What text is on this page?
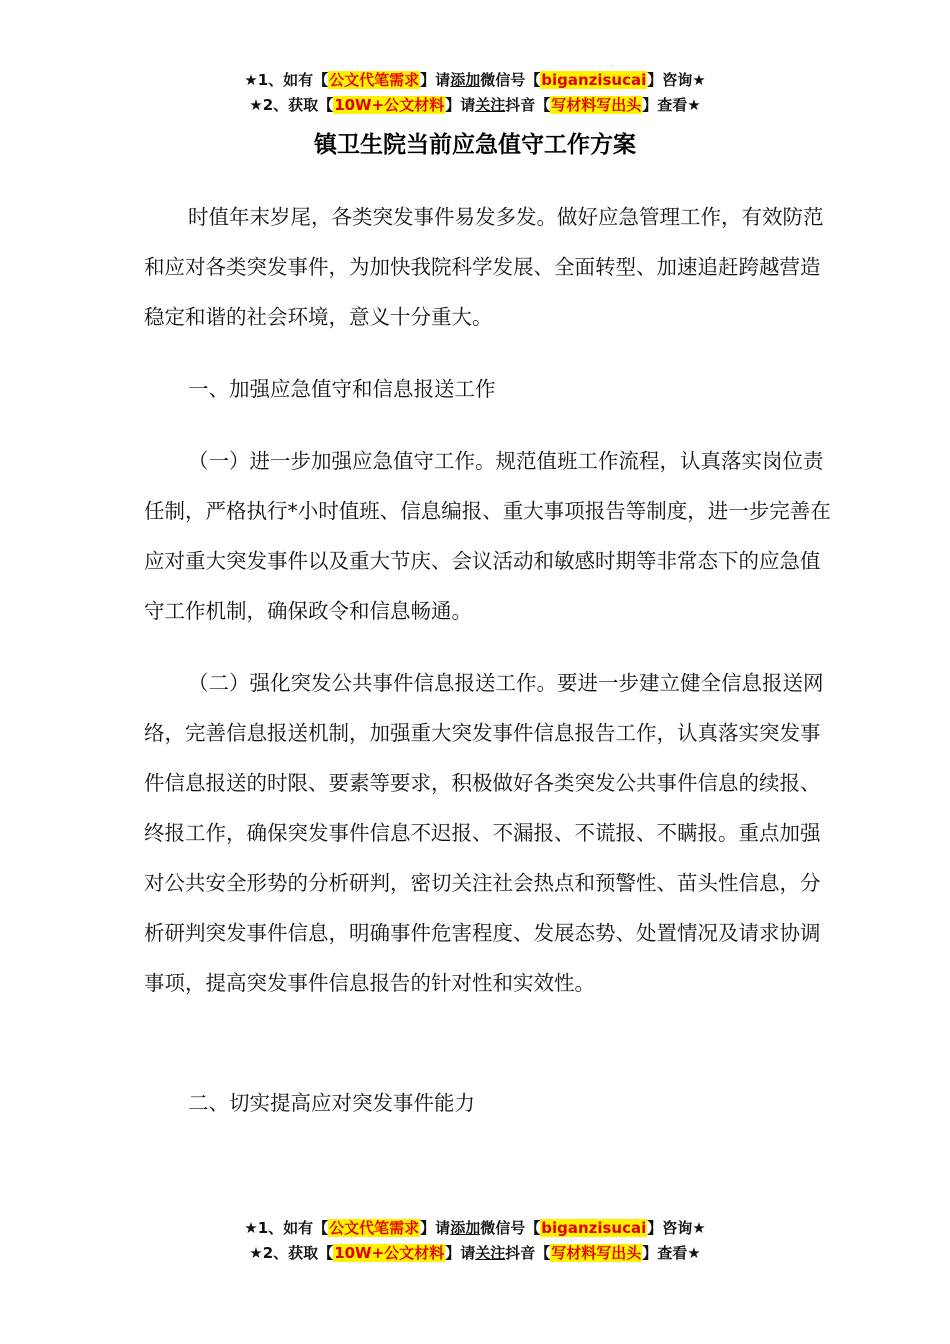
★1、如有【公文代笔需求】请添加微信号【biganzisucai】咨询★
★2、获取【10W+公文材料】请关注抖音【写材料写出头】查看★
镇卫生院当前应急值守工作方案

时值年末岁尾，各类突发事件易发多发。做好应急管理工作，有效防范和应对各类突发事件，为加快我院科学发展、全面转型、加速追赶跨越营造稳定和谐的社会环境，意义十分重大。

一、加强应急值守和信息报送工作

（一）进一步加强应急值守工作。规范值班工作流程，认真落实岗位责任制，严格执行*小时值班、信息编报、重大事项报告等制度，进一步完善在应对重大突发事件以及重大节庆、会议活动和敏感时期等非常态下的应急值守工作机制，确保政令和信息畅通。

（二）强化突发公共事件信息报送工作。要进一步建立健全信息报送网络，完善信息报送机制，加强重大突发事件信息报告工作，认真落实突发事件信息报送的时限、要素等要求，积极做好各类突发公共事件信息的续报、终报工作，确保突发事件信息不迟报、不漏报、不谎报、不瞒报。重点加强对公共安全形势的分析研判，密切关注社会热点和预警性、苗头性信息，分析研判突发事件信息，明确事件危害程度、发展态势、处置情况及请求协调事项，提高突发事件信息报告的针对性和实效性。

二、切实提高应对突发事件能力
★1、如有【公文代笔需求】请添加微信号【biganzisucai】咨询★
★2、获取【10W+公文材料】请关注抖音【写材料写出头】查看★
